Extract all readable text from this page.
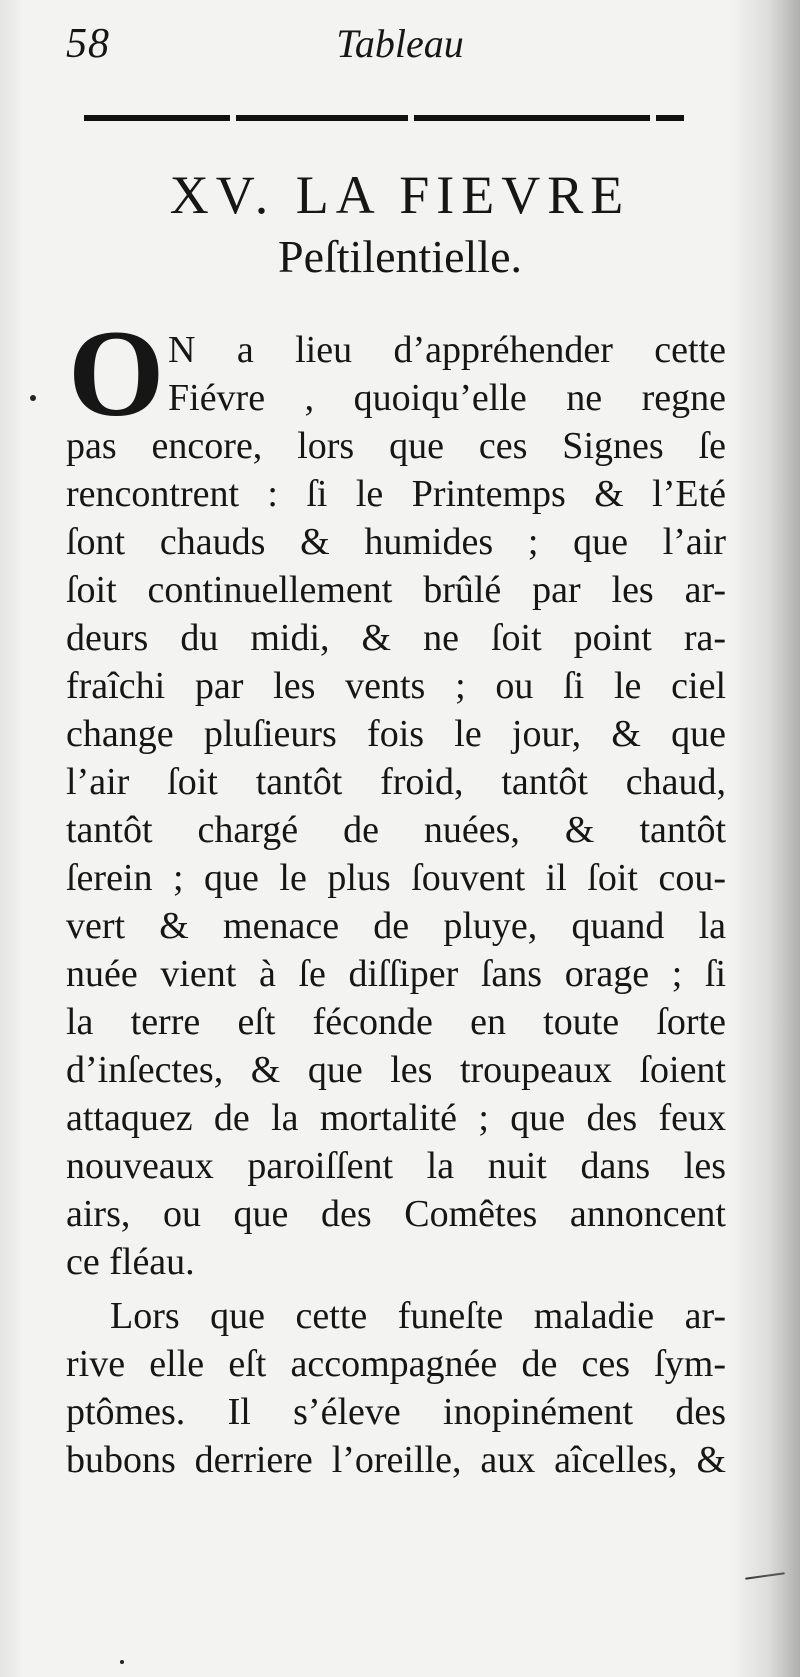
58	Tableau
XV. LA FIEVRE
Peſtilentielle.
O N a lieu d’appréhender cette
Fiévre , quoiqu’elle ne regne
pas encore, lors que ces Signes ſe
rencontrent : ſi le Printemps & l’Eté
ſont chauds & humides ; que l’air
ſoit continuellement brûlé par les ar-
deurs du midi, & ne ſoit point ra-
fraîchi par les vents ; ou ſi le ciel
change pluſieurs fois le jour, & que
l’air ſoit tantôt froid, tantôt chaud,
tantôt chargé de nuées, & tantôt
ſerein ; que le plus ſouvent il ſoit cou-
vert & menace de pluye, quand la
nuée vient à ſe diſſiper ſans orage ; ſi
la terre eſt féconde en toute ſorte
d’inſectes, & que les troupeaux ſoient
attaquez de la mortalité ; que des feux
nouveaux paroiſſent la nuit dans les
airs, ou que des Comêtes annoncent
ce fléau.
Lors que cette funeſte maladie ar-
rive elle eſt accompagnée de ces ſym-
ptômes. Il s’éleve inopinément des
bubons derriere l’oreille, aux aîcelles, &
